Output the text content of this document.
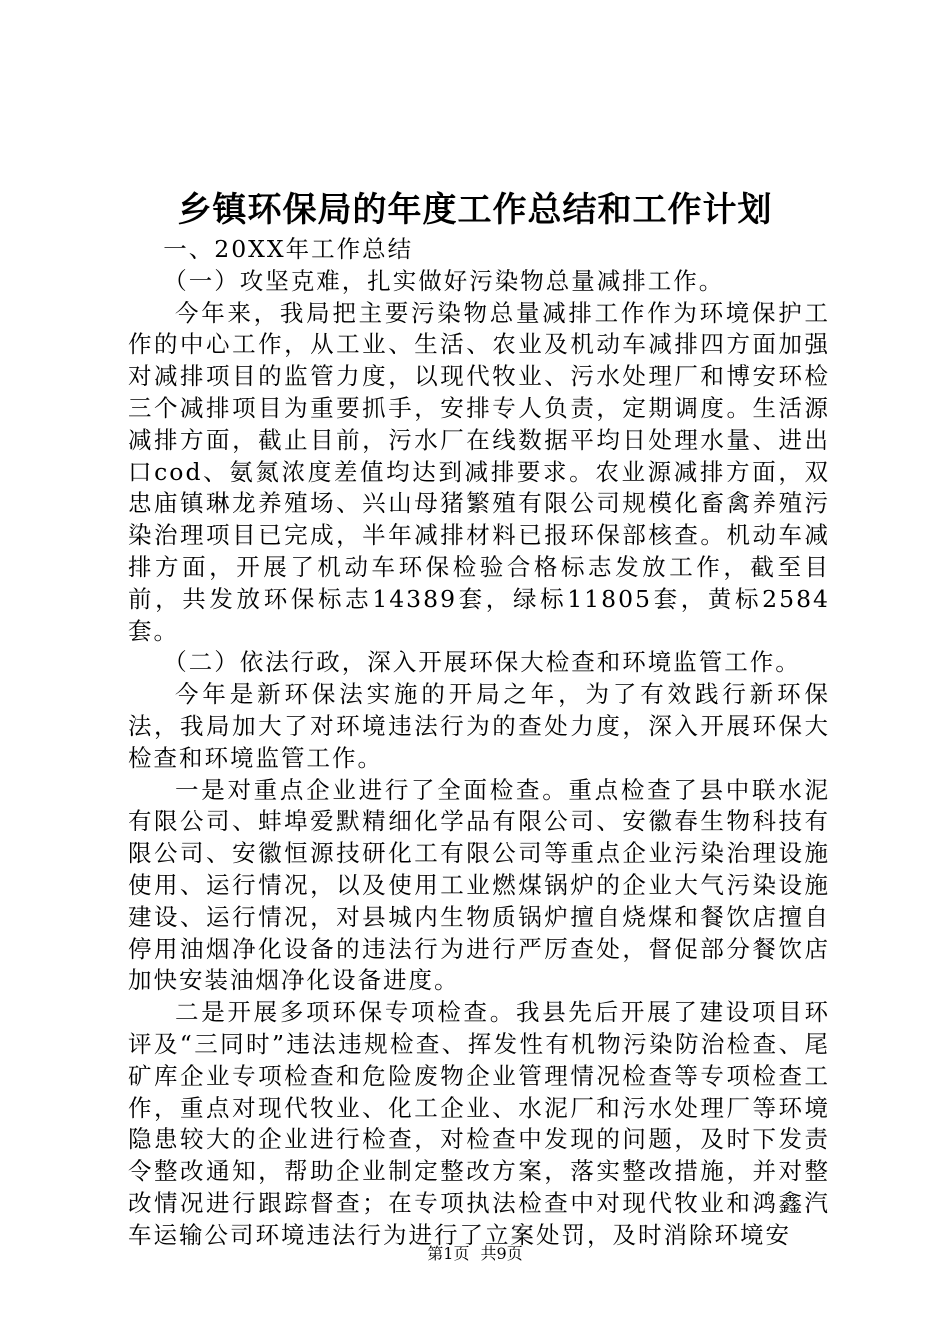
乡镇环保局的年度工作总结和工作计划

一、20XX年工作总结

（一）攻坚克难，扎实做好污染物总量减排工作。

今年来，我局把主要污染物总量减排工作作为环境保护工作的中心工作，从工业、生活、农业及机动车减排四方面加强对减排项目的监管力度，以现代牧业、污水处理厂和博安环检三个减排项目为重要抓手，安排专人负责，定期调度。生活源减排方面，截止目前，污水厂在线数据平均日处理水量、进出口cod、氨氮浓度差值均达到减排要求。农业源减排方面，双忠庙镇琳龙养殖场、兴山母猪繁殖有限公司规模化畜禽养殖污染治理项目已完成，半年减排材料已报环保部核查。机动车减排方面，开展了机动车环保检验合格标志发放工作，截至目前，共发放环保标志14389套，绿标11805套，黄标2584套。

（二）依法行政，深入开展环保大检查和环境监管工作。

今年是新环保法实施的开局之年，为了有效践行新环保法，我局加大了对环境违法行为的查处力度，深入开展环保大检查和环境监管工作。

一是对重点企业进行了全面检查。重点检查了县中联水泥有限公司、蚌埠爱默精细化学品有限公司、安徽春生物科技有限公司、安徽恒源技研化工有限公司等重点企业污染治理设施使用、运行情况，以及使用工业燃煤锅炉的企业大气污染设施建设、运行情况，对县城内生物质锅炉擅自烧煤和餐饮店擅自停用油烟净化设备的违法行为进行严厉查处，督促部分餐饮店加快安装油烟净化设备进度。

二是开展多项环保专项检查。我县先后开展了建设项目环评及“三同时”违法违规检查、挥发性有机物污染防治检查、尾矿库企业专项检查和危险废物企业管理情况检查等专项检查工作，重点对现代牧业、化工企业、水泥厂和污水处理厂等环境隐患较大的企业进行检查，对检查中发现的问题，及时下发责令整改通知，帮助企业制定整改方案，落实整改措施，并对整改情况进行跟踪督查；在专项执法检查中对现代牧业和鸿鑫汽车运输公司环境违法行为进行了立案处罚，及时消除环境安

第1页 共9页
